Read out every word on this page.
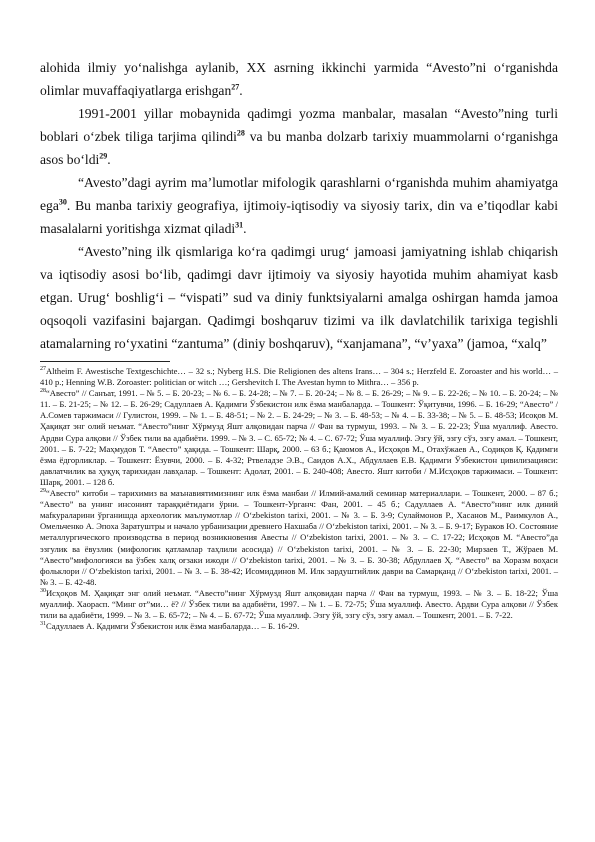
alohida ilmiy yo‘nalishga aylanib, XX asrning ikkinchi yarmida “Avesto”ni o‘rganishda olimlar muvaffaqiyatlarga erishgan$^{27}$.

1991-2001 yillar mobaynida qadimgi yozma manbalar, masalan “Avesto”ning turli boblari o‘zbek tiliga tarjima qilindi$^{28}$ va bu manba dolzarb tarixiy muammolarni o‘rganishga asos bo‘ldi$^{29}$.

“Avesto”dagi ayrim ma’lumotlar mifologik qarashlarni o‘rganishda muhim ahamiyatga ega$^{30}$. Bu manba tarixiy geografiya, ijtimoiy-iqtisodiy va siyosiy tarix, din va e’tiqodlar kabi masalalarni yoritishga xizmat qiladi$^{31}$.

“Avesto”ning ilk qismlariga ko‘ra qadimgi urug‘ jamoasi jamiyatning ishlab chiqarish va iqtisodiy asosi bo‘lib, qadimgi davr ijtimoiy va siyosiy hayotida muhim ahamiyat kasb etgan. Urug‘ boshlig‘i – “vispati” sud va diniy funktsiyalarni amalga oshirgan hamda jamoa oqsoqoli vazifasini bajargan. Qadimgi boshqaruv tizimi va ilk davlatchilik tarixiga tegishli atamalarning ro‘yxatini “zantuma” (diniy boshqaruv), “xanjamana”, “v’yaxa” (jamoa, “xalq”

$^{27}$Altheim F. Awestische Textgeschichte… – 32 s.; Nyberg H.S. Die Religionen des altens Irans… – 304 s.; Herzfeld E. Zoroaster and his world… – 410 p.; Henning W.B. Zoroaster: politician or witch …; Gershevitch I. The Avestan hymn to Mithra… – 356 p.

$^{28}$“Авесто” // Санъат, 1991. – № 5. – Б. 20-23; – № 6. – Б. 24-28; – № 7. – Б. 20-24; – № 8. – Б. 26-29; – № 9. – Б. 22-26; – № 10. – Б. 20-24; – № 11. – Б. 21-25; – № 12. – Б. 26-29; Садуллаев А. Қадимги Ўзбекистон илк ёзма манбаларда. – Тошкент: Ўқитувчи, 1996. – Б. 16-29; “Авесто” / А.Сомев таржимаси // Гулистон, 1999. – № 1. – Б. 48-51; – № 2. – Б. 24-29; – № 3. – Б. 48-53; – № 4. – Б. 33-38; – № 5. – Б. 48-53; Исоқов М. Ҳақиқат энг олий неъмат. “Авесто”нинг Хўрмузд Яшт алқовидан парча // Фан ва турмуш, 1993. – № 3. – Б. 22-23; Ўша муаллиф. Авесто. Ардви Сура алқови // Ўзбек тили ва адабиёти. 1999. – № 3. – С. 65-72; № 4. – С. 67-72; Ўша муаллиф. Эзгу ўй, эзгу сўз, эзгу амал. – Тошкент, 2001. – Б. 7-22; Маҳмудов Т. “Авесто” ҳақида. – Тошкент: Шарқ, 2000. – 63 б.; Қаюмов А., Исҳоқов М., Отахўжаев А., Содиқов Қ. Қадимги ёзма ёдгорликлар. – Тошкент: Ёзувчи, 2000. – Б. 4-32; Ртвеладзе Э.В., Саидов А.Х., Абдуллаев Е.В. Қадимги Ўзбекистон цивилизацияси: давлатчилик ва ҳуқуқ тарихидан лавҳалар. – Тошкент: Адолат, 2001. – Б. 240-408; Авесто. Яшт китоби / М.Исҳоқов таржимаси. – Тошкент: Шарқ, 2001. – 128 б.

$^{29}$“Авесто” китоби – тарихимиз ва маънавиятимизнинг илк ёзма манбаи // Илмий-амалий семинар материаллари. – Тошкент, 2000. – 87 б.; “Авесто” ва унинг инсоният тараққиётидаги ўрни. – Тошкент-Урганч: Фан, 2001. – 45 б.; Садуллаев А. “Авесто”нинг илк диний мafкураларини ўрганишда археологик маълумотлар // O‘zbekiston tarixi, 2001. – № 3. – Б. 3-9; Сулаймонов Р., Хасанов М., Раимкулов А., Омельченко А. Эпоха Заратуштры и начало урбанизации древнего Нахшаба // O‘zbekiston tarixi, 2001. – № 3. – Б. 9-17; Бураков Ю. Состояние металлургического производства в период возникновения Авесты // O‘zbekiston tarixi, 2001. – № 3. – С. 17-22; Исҳоқов М. “Авесто”да эзгулик ва ёвузлик (мифологик қатламлар таҳлили асосида) // O‘zbekiston tarixi, 2001. – № 3. – Б. 22-30; Мирзаев Т., Жўраев М. “Авесто”мифологияси ва ўзбек халқ оғзаки ижоди // O‘zbekiston tarixi, 2001. – № 3. – Б. 30-38; Абдуллаев Ҳ. “Авесто” ва Хоразм воҳаси фольклори // O‘zbekiston tarixi, 2001. – № 3. – Б. 38-42; Исомиддинов М. Илк зардуштийлик даври ва Самарқанд // O‘zbekiston tarixi, 2001. – № 3. – Б. 42-48.

$^{30}$Исҳоқов М. Ҳақиқат энг олий неъмат. “Авесто”нинг Хўрмузд Яшт алқовидан парча // Фан ва турмуш, 1993. – № 3. – Б. 18-22; Ўша муаллиф. Хаорасп. “Минг от”ми… ё? // Ўзбек тили ва адабиёти, 1997. – № 1. – Б. 72-75; Ўша муаллиф. Авесто. Ардви Сура алқови // Ўзбек тили ва адабиёти, 1999. – № 3. – Б. 65-72; – № 4. – Б. 67-72; Ўша муаллиф. Эзгу ўй, эзгу сўз, эзгу амал. – Тошкент, 2001. – Б. 7-22.

$^{31}$Садуллаев А. Қадимги Ўзбекистон илк ёзма манбаларда… – Б. 16-29.
